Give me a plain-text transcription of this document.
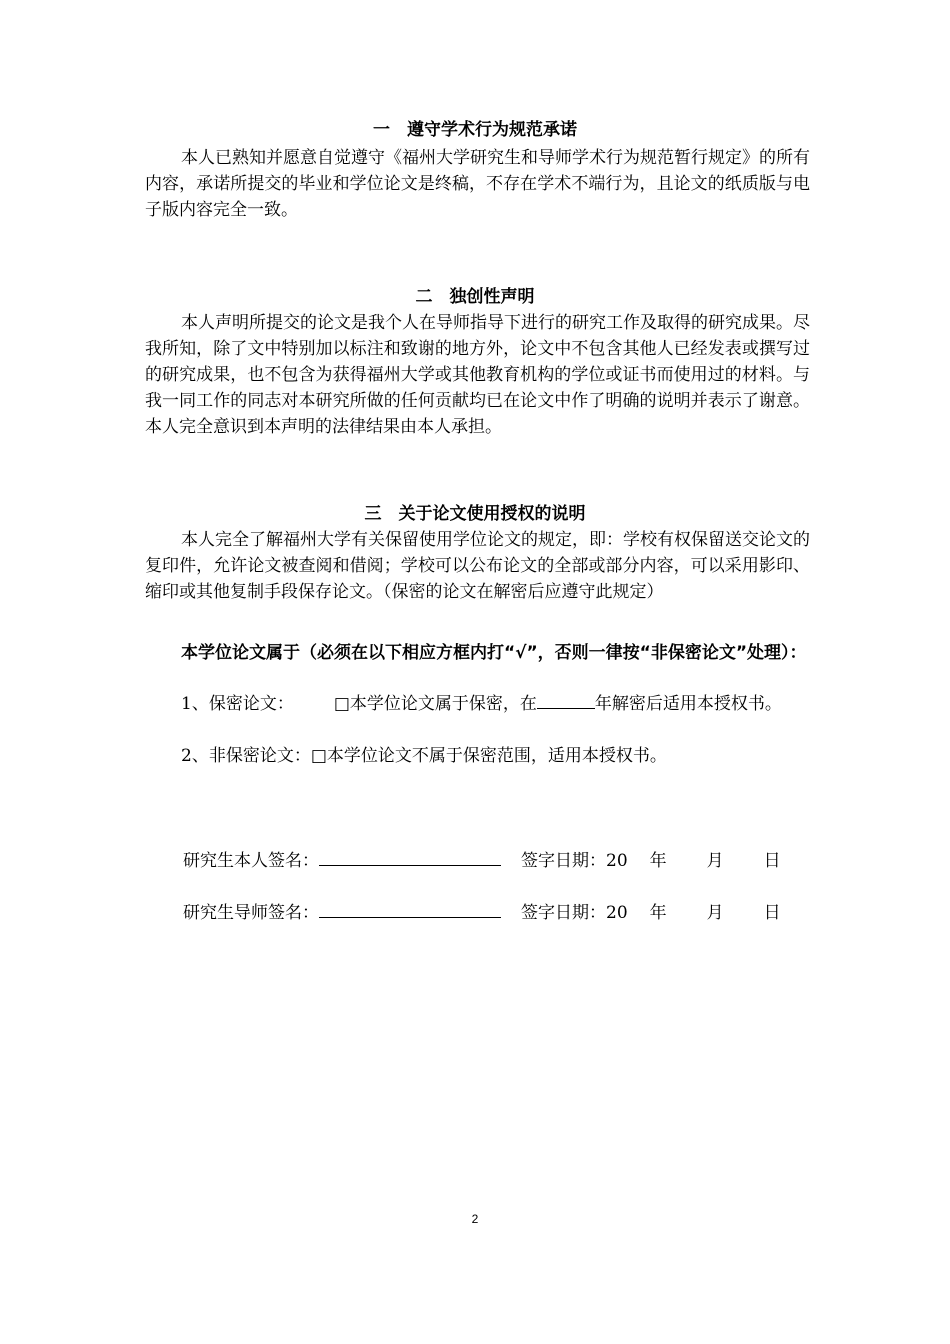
一　遵守学术行为规范承诺
本人已熟知并愿意自觉遵守《福州大学研究生和导师学术行为规范暂行规定》的所有内容，承诺所提交的毕业和学位论文是终稿，不存在学术不端行为，且论文的纸质版与电子版内容完全一致。
二　独创性声明
本人声明所提交的论文是我个人在导师指导下进行的研究工作及取得的研究成果。尽我所知，除了文中特别加以标注和致谢的地方外，论文中不包含其他人已经发表或撰写过的研究成果，也不包含为获得福州大学或其他教育机构的学位或证书而使用过的材料。与我一同工作的同志对本研究所做的任何贡献均已在论文中作了明确的说明并表示了谢意。本人完全意识到本声明的法律结果由本人承担。
三　关于论文使用授权的说明
本人完全了解福州大学有关保留使用学位论文的规定，即：学校有权保留送交论文的复印件，允许论文被查阅和借阅；学校可以公布论文的全部或部分内容，可以采用影印、缩印或其他复制手段保存论文。（保密的论文在解密后应遵守此规定）
本学位论文属于（必须在以下相应方框内打“√”，否则一律按“非保密论文”处理）：
1、保密论文： □本学位论文属于保密，在	年解密后适用本授权书。
2、非保密论文：□本学位论文不属于保密范围，适用本授权书。
研究生本人签名：	签字日期：20 年 月 日
研究生导师签名：	签字日期：20 年 月 日
2
